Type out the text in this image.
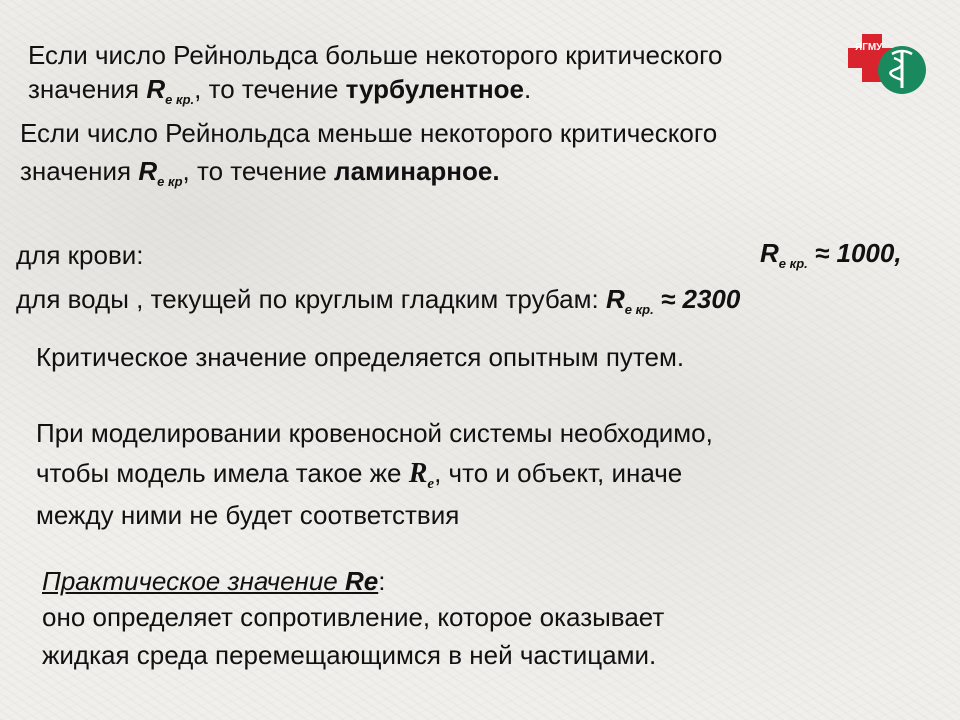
ЯГМУ
Если число Рейнольдса больше некоторого критического
значения $R_{е кр.}$, то течение турбулентное.
Если число Рейнольдса меньше некоторого критического
значения $R_{е кр}$, то течение ламинарное.
для крови:	$R_{е кр.} \approx 1000$,
для воды , текущей по круглым гладким трубам: $R_{е кр.} \approx 2300$
Критическое значение определяется опытным путем.
При моделировании кровеносной системы необходимо,
чтобы модель имела такое же $R_e$, что и объект, иначе
между ними не будет соответствия
Практическое значение Re:
оно определяет сопротивление, которое оказывает
жидкая среда перемещающимся в ней частицами.
